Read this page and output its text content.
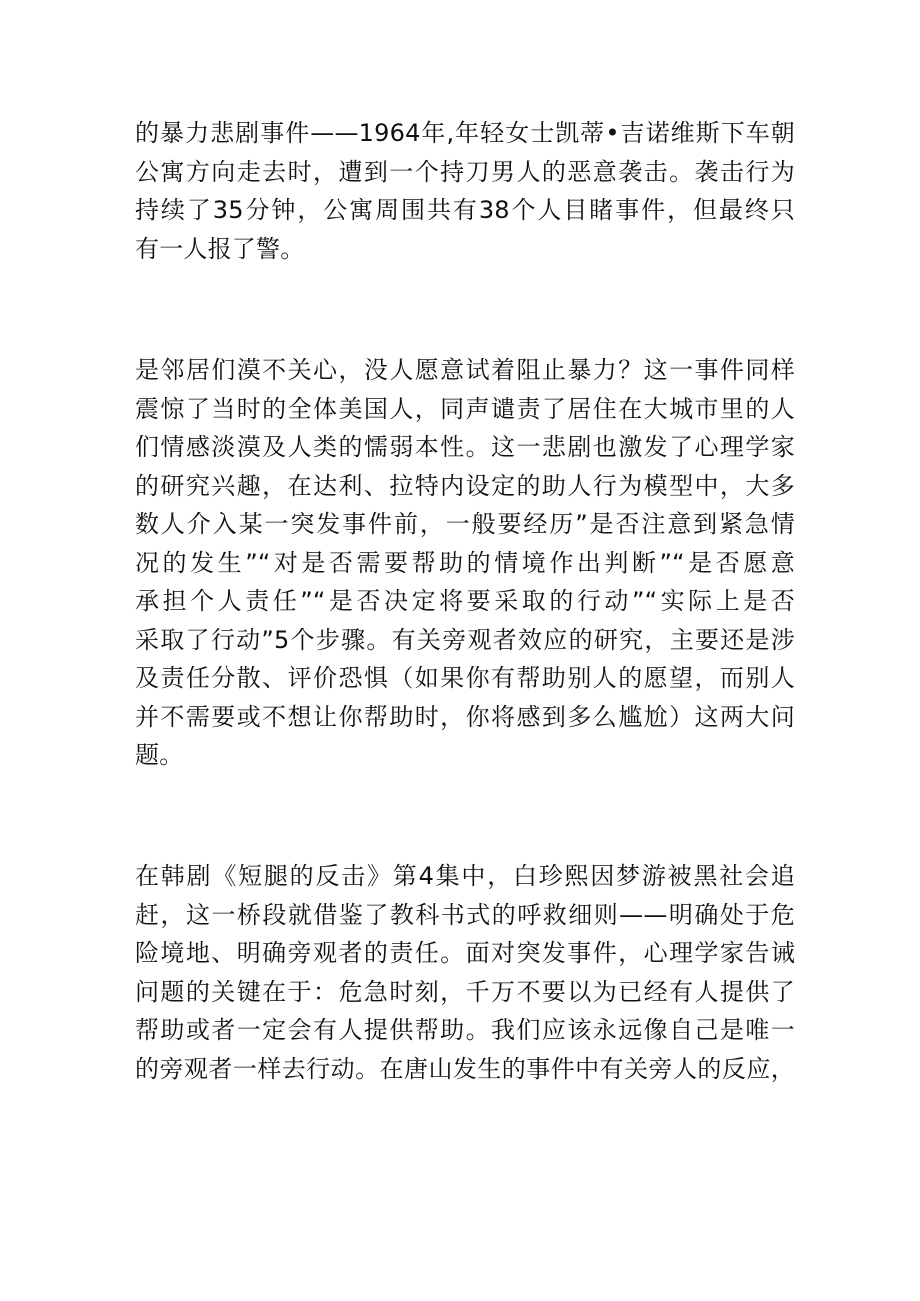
的暴力悲剧事件——1964年,年轻女士凯蒂•吉诺维斯下车朝
公寓方向走去时，遭到一个持刀男人的恶意袭击。袭击行为
持续了35分钟，公寓周围共有38个人目睹事件，但最终只
有一人报了警。
是邻居们漠不关心，没人愿意试着阻止暴力？这一事件同样
震惊了当时的全体美国人，同声谴责了居住在大城市里的人
们情感淡漠及人类的懦弱本性。这一悲剧也激发了心理学家
的研究兴趣，在达利、拉特内设定的助人行为模型中，大多
数人介入某一突发事件前，一般要经历”是否注意到紧急情
况的发生”“对是否需要帮助的情境作出判断”“是否愿意
承担个人责任”“是否决定将要采取的行动”“实际上是否
采取了行动”5个步骤。有关旁观者效应的研究，主要还是涉
及责任分散、评价恐惧（如果你有帮助别人的愿望，而别人
并不需要或不想让你帮助时，你将感到多么尴尬）这两大问
题。
在韩剧《短腿的反击》第4集中，白珍熙因梦游被黑社会追
赶，这一桥段就借鉴了教科书式的呼救细则——明确处于危
险境地、明确旁观者的责任。面对突发事件，心理学家告诫
问题的关键在于：危急时刻，千万不要以为已经有人提供了
帮助或者一定会有人提供帮助。我们应该永远像自己是唯一
的旁观者一样去行动。在唐山发生的事件中有关旁人的反应，
